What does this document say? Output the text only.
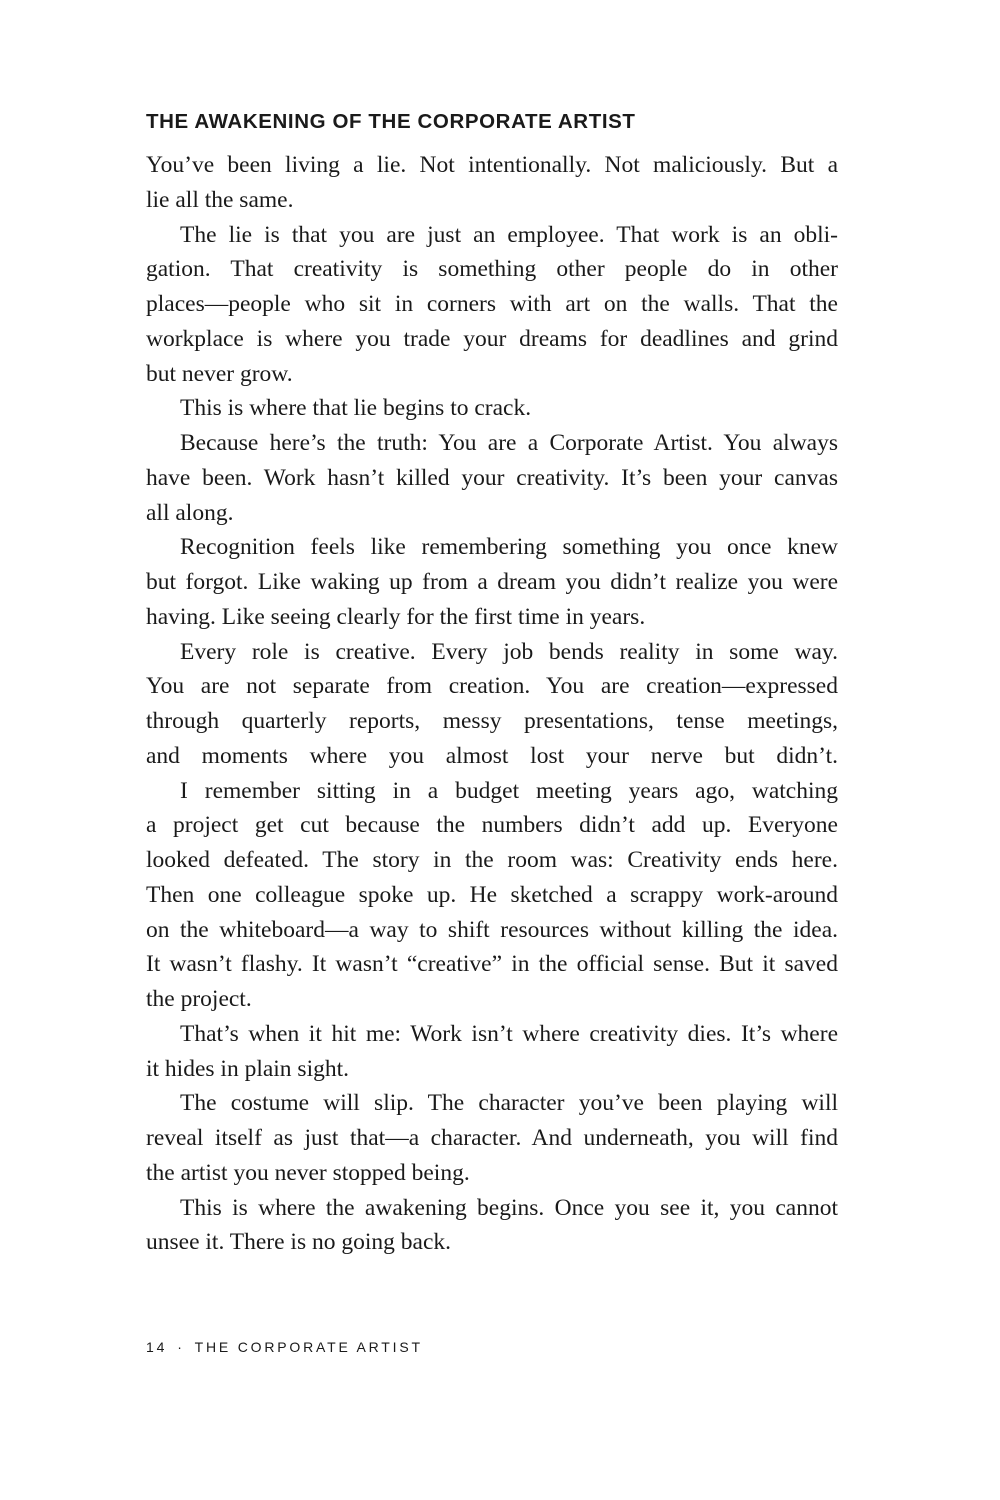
THE AWAKENING OF THE CORPORATE ARTIST
You’ve been living a lie. Not intentionally. Not maliciously. But a
lie all the same.
The lie is that you are just an employee. That work is an obli-
gation. That creativity is something other people do in other
places—people who sit in corners with art on the walls. That the
workplace is where you trade your dreams for deadlines and grind
but never grow.
This is where that lie begins to crack.
Because here’s the truth: You are a Corporate Artist. You always
have been. Work hasn’t killed your creativity. It’s been your canvas
all along.
Recognition feels like remembering something you once knew
but forgot. Like waking up from a dream you didn’t realize you were
having. Like seeing clearly for the first time in years.
Every role is creative. Every job bends reality in some way.
You are not separate from creation. You are creation—expressed
through quarterly reports, messy presentations, tense meetings,
and moments where you almost lost your nerve but didn’t.
I remember sitting in a budget meeting years ago, watching
a project get cut because the numbers didn’t add up. Everyone
looked defeated. The story in the room was: Creativity ends here.
Then one colleague spoke up. He sketched a scrappy work-around
on the whiteboard—a way to shift resources without killing the idea.
It wasn’t flashy. It wasn’t “creative” in the official sense. But it saved
the project.
That’s when it hit me: Work isn’t where creativity dies. It’s where
it hides in plain sight.
The costume will slip. The character you’ve been playing will
reveal itself as just that—a character. And underneath, you will find
the artist you never stopped being.
This is where the awakening begins. Once you see it, you cannot
unsee it. There is no going back.
14 · THE CORPORATE ARTIST
